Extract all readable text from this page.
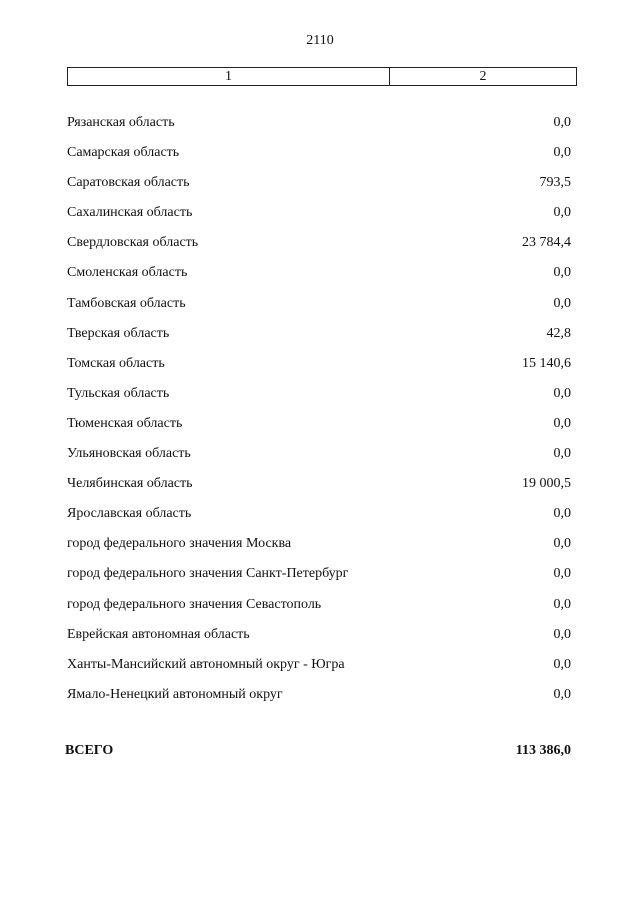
2110
1	2
Рязанская область	0,0
Самарская область	0,0
Саратовская область	793,5
Сахалинская область	0,0
Свердловская область	23 784,4
Смоленская область	0,0
Тамбовская область	0,0
Тверская область	42,8
Томская область	15 140,6
Тульская область	0,0
Тюменская область	0,0
Ульяновская область	0,0
Челябинская область	19 000,5
Ярославская область	0,0
город федерального значения Москва	0,0
город федерального значения Санкт-Петербург	0,0
город федерального значения Севастополь	0,0
Еврейская автономная область	0,0
Ханты-Мансийский автономный округ - Югра	0,0
Ямало-Ненецкий автономный округ	0,0
ВСЕГО	113 386,0
